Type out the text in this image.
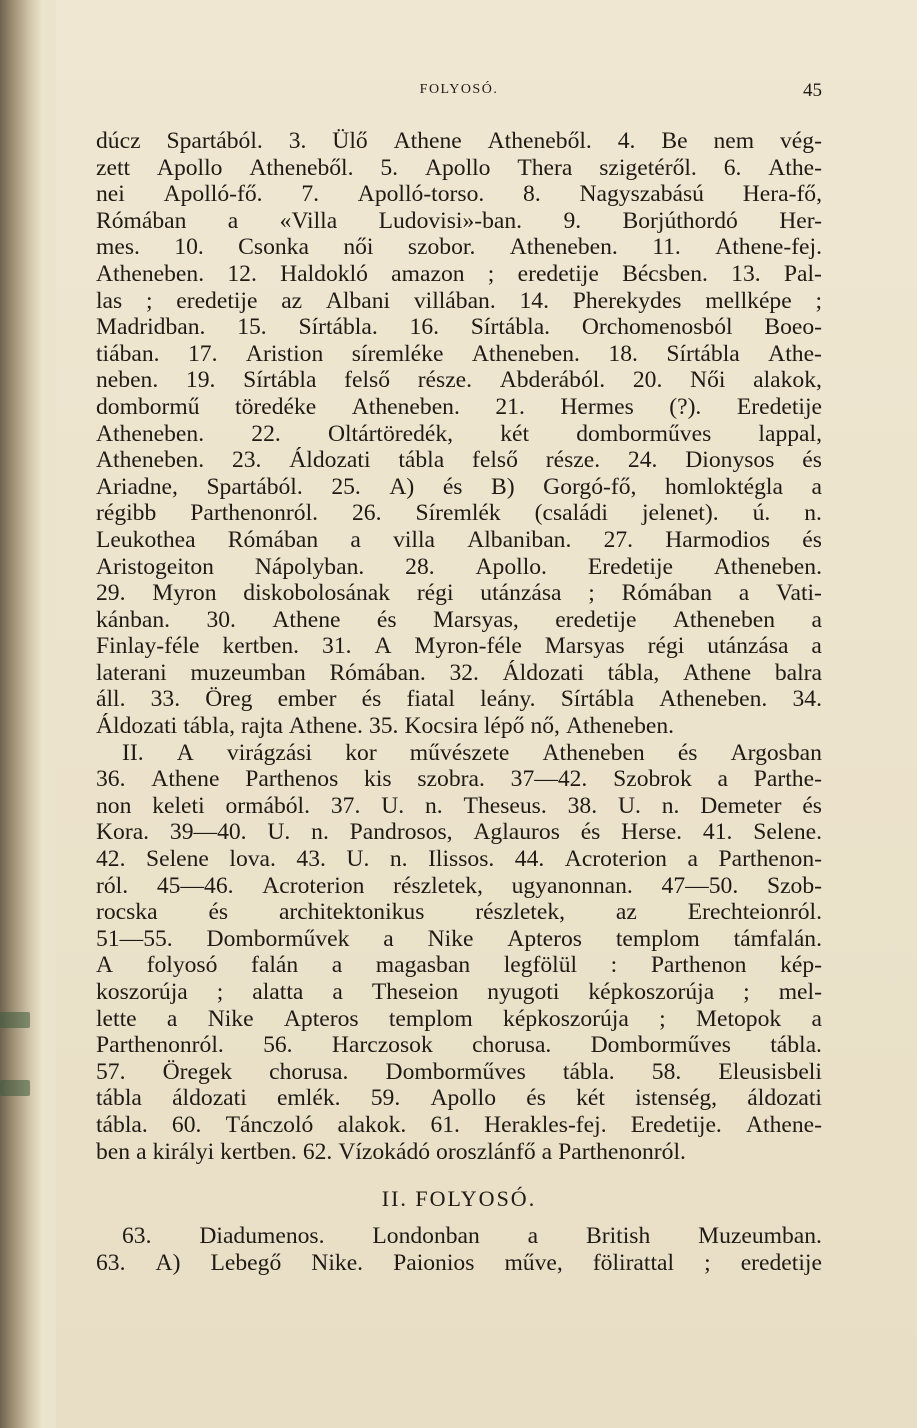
FOLYOSÓ.	45
dúcz Spartából. 3. Ülő Athene Atheneből. 4. Be nem vég-
zett Apollo Atheneből. 5. Apollo Thera szigetéről. 6. Athe-
nei Apolló-fő. 7. Apolló-torso. 8. Nagyszabású Hera-fő,
Rómában a «Villa Ludovisi»-ban. 9. Borjúthordó Her-
mes. 10. Csonka női szobor. Atheneben. 11. Athene-fej.
Atheneben. 12. Haldokló amazon ; eredetije Bécsben. 13. Pal-
las ; eredetije az Albani villában. 14. Pherekydes mellképe ;
Madridban. 15. Sírtábla. 16. Sírtábla. Orchomenosból Boeo-
tiában. 17. Aristion síremléke Atheneben. 18. Sírtábla Athe-
neben. 19. Sírtábla felső része. Abderából. 20. Női alakok,
dombormű töredéke Atheneben. 21. Hermes (?). Eredetije
Atheneben. 22. Oltártöredék, két domborműves lappal,
Atheneben. 23. Áldozati tábla felső része. 24. Dionysos és
Ariadne, Spartából. 25. A) és B) Gorgó-fő, homloktégla a
régibb Parthenonról. 26. Síremlék (családi jelenet). ú. n.
Leukothea Rómában a villa Albaniban. 27. Harmodios és
Aristogeiton Nápolyban. 28. Apollo. Eredetije Atheneben.
29. Myron diskobolosának régi utánzása ; Rómában a Vati-
kánban. 30. Athene és Marsyas, eredetije Atheneben a
Finlay-féle kertben. 31. A Myron-féle Marsyas régi utánzása a
laterani muzeumban Rómában. 32. Áldozati tábla, Athene balra
áll. 33. Öreg ember és fiatal leány. Sírtábla Atheneben. 34.
Áldozati tábla, rajta Athene. 35. Kocsira lépő nő, Atheneben.
II. A virágzási kor művészete Atheneben és Argosban
36. Athene Parthenos kis szobra. 37—42. Szobrok a Parthe-
non keleti ormából. 37. U. n. Theseus. 38. U. n. Demeter és
Kora. 39—40. U. n. Pandrosos, Aglauros és Herse. 41. Selene.
42. Selene lova. 43. U. n. Ilissos. 44. Acroterion a Parthenon-
ról. 45—46. Acroterion részletek, ugyanonnan. 47—50. Szob-
rocska és architektonikus részletek, az Erechteionról.
51—55. Domborművek a Nike Apteros templom támfalán.
A folyosó falán a magasban legfölül : Parthenon kép-
koszorúja ; alatta a Theseion nyugoti képkoszorúja ; mel-
lette a Nike Apteros templom képkoszorúja ; Metopok a
Parthenonról. 56. Harczosok chorusa. Domborműves tábla.
57. Öregek chorusa. Domborműves tábla. 58. Eleusisbeli
tábla áldozati emlék. 59. Apollo és két istenség, áldozati
tábla. 60. Tánczoló alakok. 61. Herakles-fej. Eredetije. Athene-
ben a királyi kertben. 62. Vízokádó oroszlánfő a Parthenonról.
II. FOLYOSÓ.
63. Diadumenos. Londonban a British Muzeumban.
63. A) Lebegő Nike. Paionios műve, fölirattal ; eredetije
